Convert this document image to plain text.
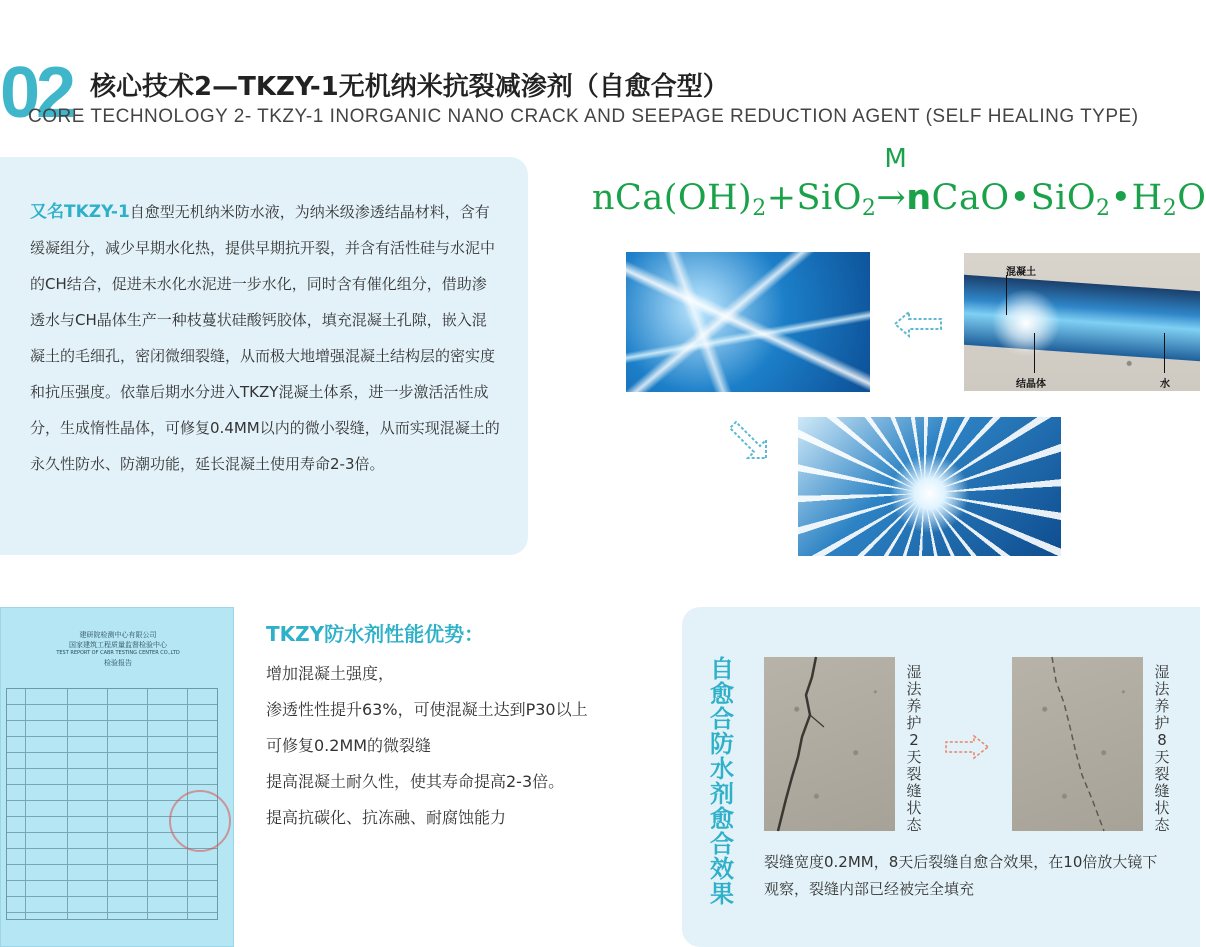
02 核心技术2—TKZY-1无机纳米抗裂减渗剂（自愈合型）
CORE TECHNOLOGY 2- TKZY-1 INORGANIC NANO CRACK AND SEEPAGE REDUCTION AGENT (SELF HEALING TYPE)
又名TKZY-1自愈型无机纳米防水液，为纳米级渗透结晶材料，含有缓凝组分，减少早期水化热，提供早期抗开裂，并含有活性硅与水泥中的CH结合，促进未水化水泥进一步水化，同时含有催化组分，借助渗透水与CH晶体生产一种枝蔓状硅酸钙胶体，填充混凝土孔隙，嵌入混凝土的毛细孔，密闭微细裂缝，从而极大地增强混凝土结构层的密实度和抗压强度。依靠后期水分进入TKZY混凝土体系，进一步激活活性成分，生成惰性晶体，可修复0.4MM以内的微小裂缝，从而实现混凝土的永久性防水、防潮功能，延长混凝土使用寿命2-3倍。
$nCa(OH)_2+SiO_2$
M
$\to nCaO•SiO_2•H_2O$
混凝土
结晶体	水
建研院检测中心有限公司
国家建筑工程质量监督检验中心
TEST REPORT OF CABR TESTING CENTER CO.,LTD
检验报告
TKZY防水剂性能优势：
增加混凝土强度，
渗透性性提升63%，可使混凝土达到P30以上
可修复0.2MM的微裂缝
提高混凝土耐久性，使其寿命提高2-3倍。
提高抗碳化、抗冻融、耐腐蚀能力
自愈合防水剂愈合效果
湿法养护2天裂缝状态
湿法养护8天裂缝状态
裂缝宽度0.2MM，8天后裂缝自愈合效果，在10倍放大镜下观察，裂缝内部已经被完全填充
